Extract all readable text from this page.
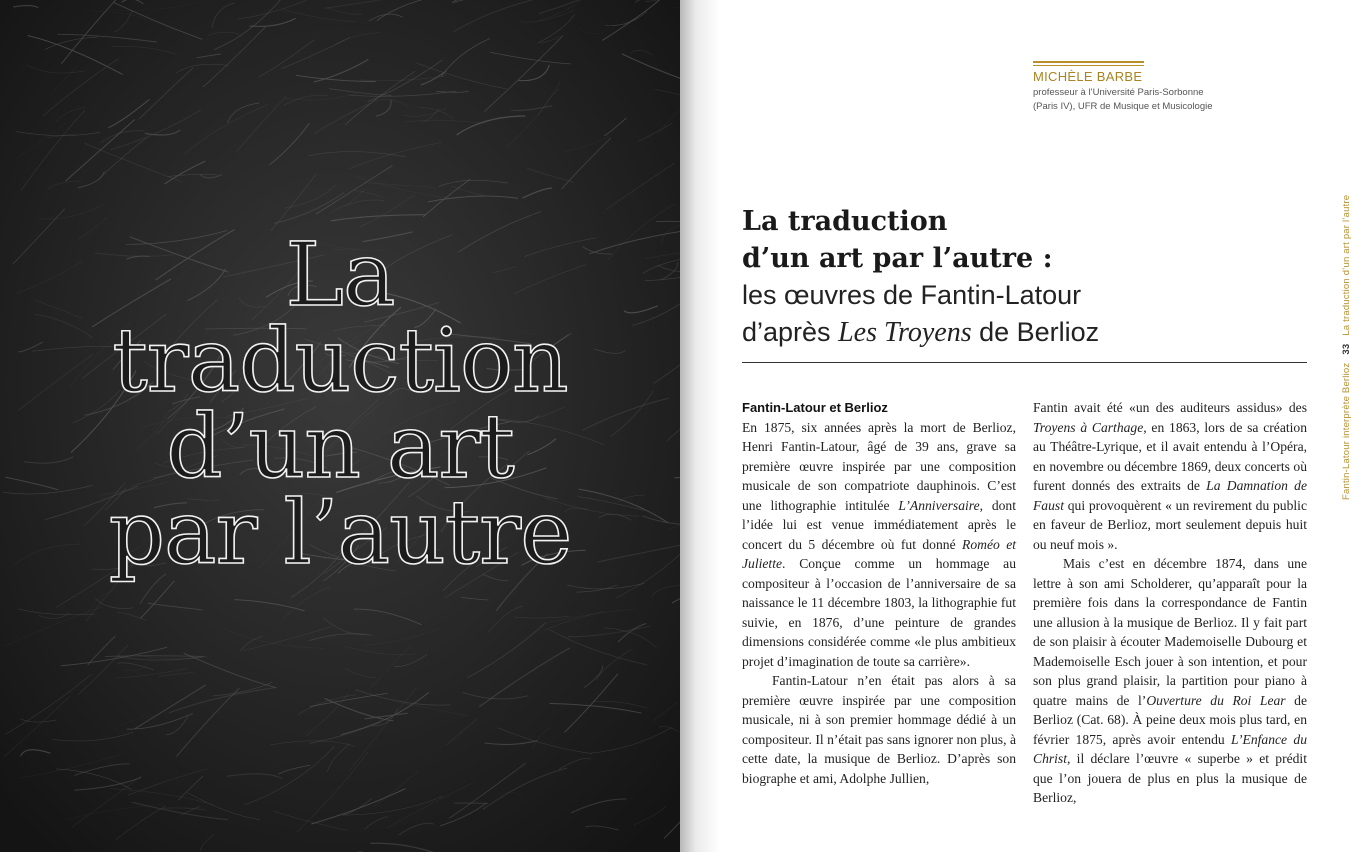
La
traduction
d’un art
par l’autre
MICHÈLE BARBE
professeur à l’Université Paris-Sorbonne
(Paris IV), UFR de Musique et Musicologie
La traduction
d’un art par l’autre :
les œuvres de Fantin-Latour
d’après Les Troyens de Berlioz

Fantin-Latour et Berlioz

En 1875, six années après la mort de Berlioz, Henri Fantin-Latour, âgé de 39 ans, grave sa première œuvre inspirée par une composition musicale de son compatriote dauphinois. C’est une lithographie intitulée L’Anniversaire, dont l’idée lui est venue immédiatement après le concert du 5 décembre où fut donné Roméo et Juliette. Conçue comme un hommage au compositeur à l’occasion de l’anniversaire de sa naissance le 11 décembre 1803, la lithographie fut suivie, en 1876, d’une peinture de grandes dimensions considérée comme «le plus ambitieux projet d’imagination de toute sa carrière».

Fantin-Latour n’en était pas alors à sa première œuvre inspirée par une composition musicale, ni à son premier hommage dédié à un compositeur. Il n’était pas sans ignorer non plus, à cette date, la musique de Berlioz. D’après son biographe et ami, Adolphe Jullien,

Fantin avait été «un des auditeurs assidus» des Troyens à Carthage, en 1863, lors de sa création au Théâtre-Lyrique, et il avait entendu à l’Opéra, en novembre ou décembre 1869, deux concerts où furent donnés des extraits de La Damnation de Faust qui provoquèrent « un revirement du public en faveur de Berlioz, mort seulement depuis huit ou neuf mois ».

Mais c’est en décembre 1874, dans une lettre à son ami Scholderer, qu’apparaît pour la première fois dans la correspondance de Fantin une allusion à la musique de Berlioz. Il y fait part de son plaisir à écouter Mademoiselle Dubourg et Mademoiselle Esch jouer à son intention, et pour son plus grand plaisir, la partition pour piano à quatre mains de l’Ouverture du Roi Lear de Berlioz (Cat. 68). À peine deux mois plus tard, en février 1875, après avoir entendu L’Enfance du Christ, il déclare l’œuvre « superbe » et prédit que l’on jouera de plus en plus la musique de Berlioz,

Fantin-Latour interprète Berlioz33La traduction d’un art par l’autre
